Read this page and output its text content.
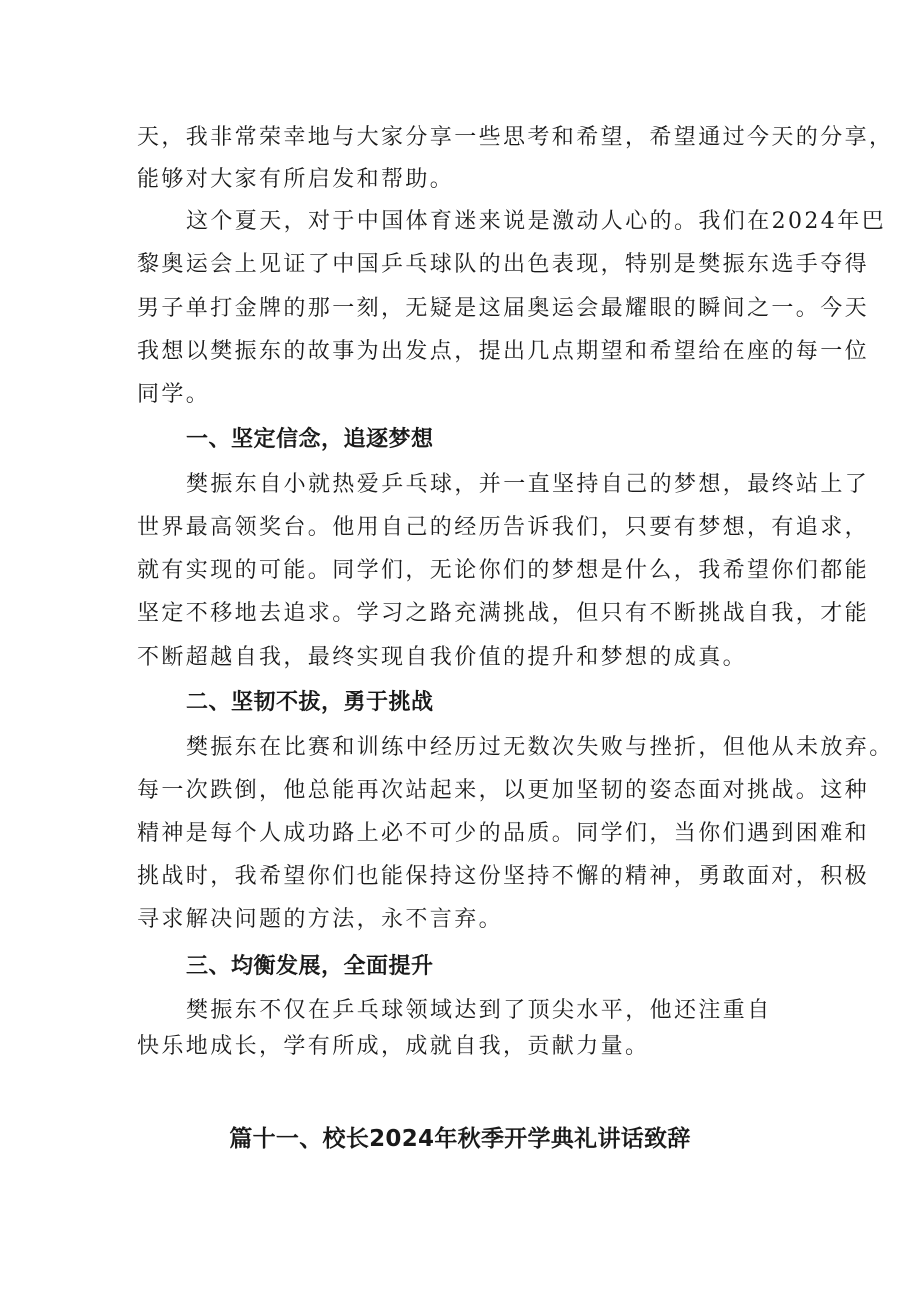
天，我非常荣幸地与大家分享一些思考和希望，希望通过今天的分享，
能够对大家有所启发和帮助。
这个夏天，对于中国体育迷来说是激动人心的。我们在2024年巴
黎奥运会上见证了中国乒乓球队的出色表现，特别是樊振东选手夺得
男子单打金牌的那一刻，无疑是这届奥运会最耀眼的瞬间之一。今天
我想以樊振东的故事为出发点，提出几点期望和希望给在座的每一位
同学。
一、坚定信念，追逐梦想
樊振东自小就热爱乒乓球，并一直坚持自己的梦想，最终站上了
世界最高领奖台。他用自己的经历告诉我们，只要有梦想，有追求，
就有实现的可能。同学们，无论你们的梦想是什么，我希望你们都能
坚定不移地去追求。学习之路充满挑战，但只有不断挑战自我，才能
不断超越自我，最终实现自我价值的提升和梦想的成真。
二、坚韧不拔，勇于挑战
樊振东在比赛和训练中经历过无数次失败与挫折，但他从未放弃。
每一次跌倒，他总能再次站起来，以更加坚韧的姿态面对挑战。这种
精神是每个人成功路上必不可少的品质。同学们，当你们遇到困难和
挑战时，我希望你们也能保持这份坚持不懈的精神，勇敢面对，积极
寻求解决问题的方法，永不言弃。
三、均衡发展，全面提升
樊振东不仅在乒乓球领域达到了顶尖水平，他还注重自
快乐地成长，学有所成，成就自我，贡献力量。
篇十一、校长2024年秋季开学典礼讲话致辞
